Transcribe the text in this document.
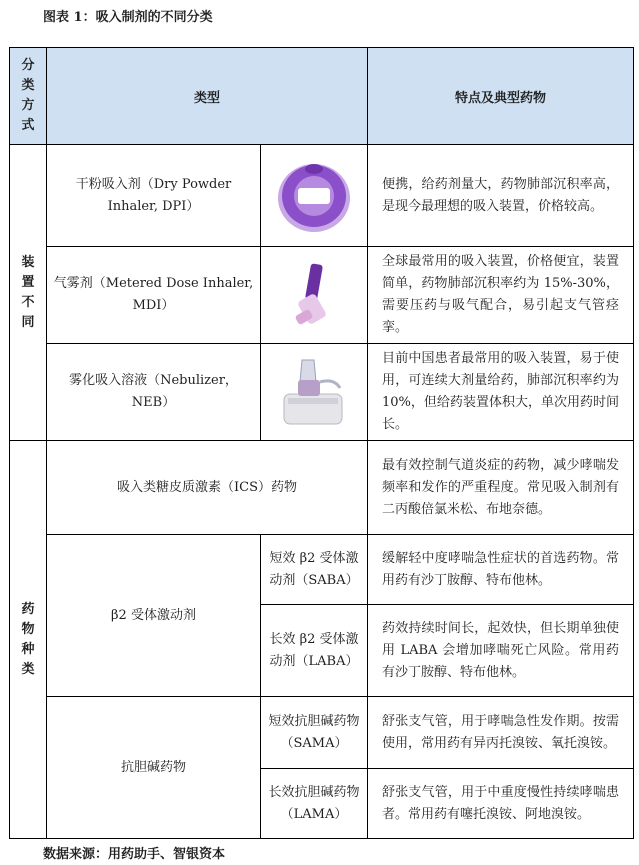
图表 1：吸入制剂的不同分类
分
类
方
式	类型		特点及典型药物

装
置
不
同	干粉吸入剂（Dry Powder Inhaler, DPI）		便携，给药剂量大，药物肺部沉积率高，是现今最理想的吸入装置，价格较高。
	气雾剂（Metered Dose Inhaler, MDI）		全球最常用的吸入装置，价格便宜，装置简单，药物肺部沉积率约为 15%-30%，需要压药与吸气配合，易引起支气管痉挛。
	雾化吸入溶液（Nebulizer，NEB）		目前中国患者最常用的吸入装置，易于使用，可连续大剂量给药，肺部沉积率约为 10%，但给药装置体积大，单次用药时间长。

药
物
种
类	吸入类糖皮质激素（ICS）药物		最有效控制气道炎症的药物，减少哮喘发频率和发作的严重程度。常见吸入制剂有二丙酸倍氯米松、布地奈德。
	β2 受体激动剂	短效 β2 受体激动剂（SABA）	缓解轻中度哮喘急性症状的首选药物。常用药有沙丁胺醇、特布他林。
		长效 β2 受体激动剂（LABA）	药效持续时间长，起效快，但长期单独使用 LABA 会增加哮喘死亡风险。常用药有沙丁胺醇、特布他林。
	抗胆碱药物	短效抗胆碱药物（SAMA）	舒张支气管，用于哮喘急性发作期。按需使用，常用药有异丙托溴铵、氧托溴铵。
		长效抗胆碱药物（LAMA）	舒张支气管，用于中重度慢性持续哮喘患者。常用药有噻托溴铵、阿地溴铵。
数据来源：用药助手、智银资本
